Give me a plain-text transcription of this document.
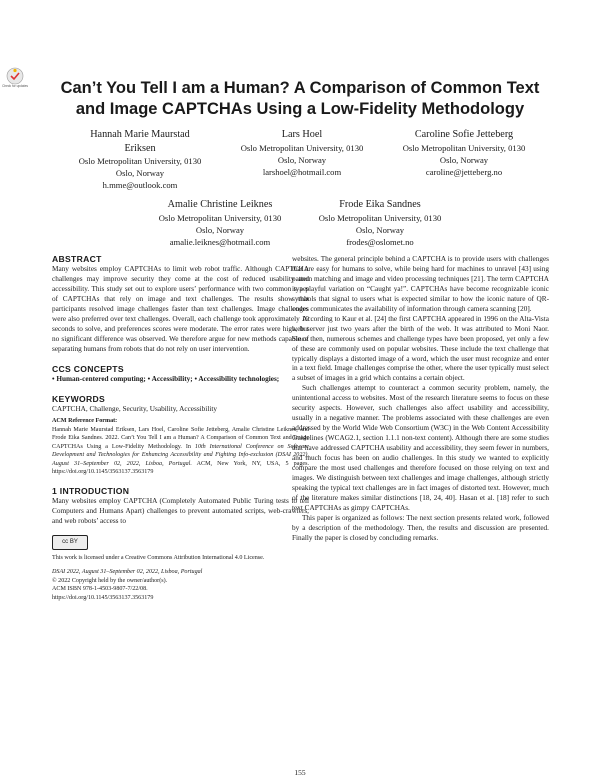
Check for updates	Can’t You Tell I am a Human? A Comparison of Common Text
and Image CAPTCHAs Using a Low-Fidelity Methodology
Hannah Marie Maurstad
Eriksen
Oslo Metropolitan University, 0130
Oslo, Norway
h.mme@outlook.com
Lars Hoel
Oslo Metropolitan University, 0130
Oslo, Norway
larshoel@hotmail.com
Caroline Sofie Jetteberg
Oslo Metropolitan University, 0130
Oslo, Norway
caroline@jetteberg.no
Amalie Christine Leiknes
Oslo Metropolitan University, 0130
Oslo, Norway
amalie.leiknes@hotmail.com
Frode Eika Sandnes
Oslo Metropolitan University, 0130
Oslo, Norway
frodes@oslomet.no
ABSTRACT

Many websites employ CAPTCHAs to limit web robot traffic. Although CAPTCHA challenges may improve security they come at the cost of reduced usability and accessibility. This study set out to explore users’ performance with two common types of CAPTCHAs that rely on image and text challenges. The results show that participants resolved image challenges faster than text challenges. Image challenges were also preferred over text challenges. Overall, each challenge took approximately 10 seconds to solve, and preferences scores were moderate. The error rates were high, but no significant difference was observed. We therefore argue for new methods capable of separating humans from robots that do not rely on user intervention.

CCS CONCEPTS

• Human-centered computing; • Accessibility; • Accessibility technologies;

KEYWORDS

CAPTCHA, Challenge, Security, Usability, Accessibility

ACM Reference Format:
Hannah Marie Maurstad Eriksen, Lars Hoel, Caroline Sofie Jetteberg, Amalie Christine Leiknes, and Frode Eika Sandnes. 2022. Can’t You Tell I am a Human? A Comparison of Common Text and Image CAPTCHAs Using a Low-Fidelity Methodology. In 10th International Conference on Software Development and Technologies for Enhancing Accessibility and Fighting Info-exclusion (DSAI 2022), August 31–September 02, 2022, Lisboa, Portugal. ACM, New York, NY, USA, 5 pages. https://doi.org/10.1145/3563137.3563179
1 INTRODUCTION

Many websites employ CAPTCHA (Completely Automated Public Turing tests to tell Computers and Humans Apart) challenges to prevent automated scripts, web-crawlers, and web robots’ access to

cc BY
This work is licensed under a Creative Commons Attribution International 4.0 License.
DSAI 2022, August 31–September 02, 2022, Lisboa, Portugal
© 2022 Copyright held by the owner/author(s).
ACM ISBN 978-1-4503-9807-7/22/08.
https://doi.org/10.1145/3563137.3563179

websites. The general principle behind a CAPTCHA is to provide users with challenges that are easy for humans to solve, while being hard for machines to unravel [43] using pattern matching and image and video processing techniques [21]. The term CAPTCHA is a playful variation on “Caught ya!”. CAPTCHAs have become recognizable iconic symbols that signal to users what is expected similar to how the iconic nature of QR-codes communicates the availability of information through camera scanning [20].

According to Kaur et al. [24] the first CAPTCHA appeared in 1996 on the Alta-Vista web server just two years after the birth of the web. It was attributed to Moni Naor. Since then, numerous schemes and challenge types have been proposed, yet only a few of these are commonly used on popular websites. These include the text challenge that typically displays a distorted image of a word, which the user must recognize and enter in a text field. Image challenges comprise the other, where the user typically must select a subset of images in a grid which contains a certain object.

Such challenges attempt to counteract a common security problem, namely, the unintentional access to websites. Most of the research literature seems to focus on these security aspects. However, such challenges also affect usability and accessibility, usually in a negative manner. The problems associated with these challenges are even addressed by the World Wide Web Consortium (W3C) in the Web Content Accessibility Guidelines (WCAG2.1, section 1.1.1 non-text content). Although there are some studies that have addressed CAPTCHA usability and accessibility, they seem fewer in numbers, and much focus has been on audio challenges. In this study we wanted to explicitly compare the most used challenges and therefore focused on those relying on text and images. We distinguish between text challenges and image challenges, although strictly speaking the typical text challenges are in fact images of distorted text. However, much of the literature makes similar distinctions [18, 24, 40]. Hasan et al. [18] refer to such text CAPTCHAs as gimpy CAPTCHAs.

This paper is organized as follows: The next section presents related work, followed by a description of the methodology. Then, the results and discussion are presented. Finally the paper is closed by concluding remarks.

155
